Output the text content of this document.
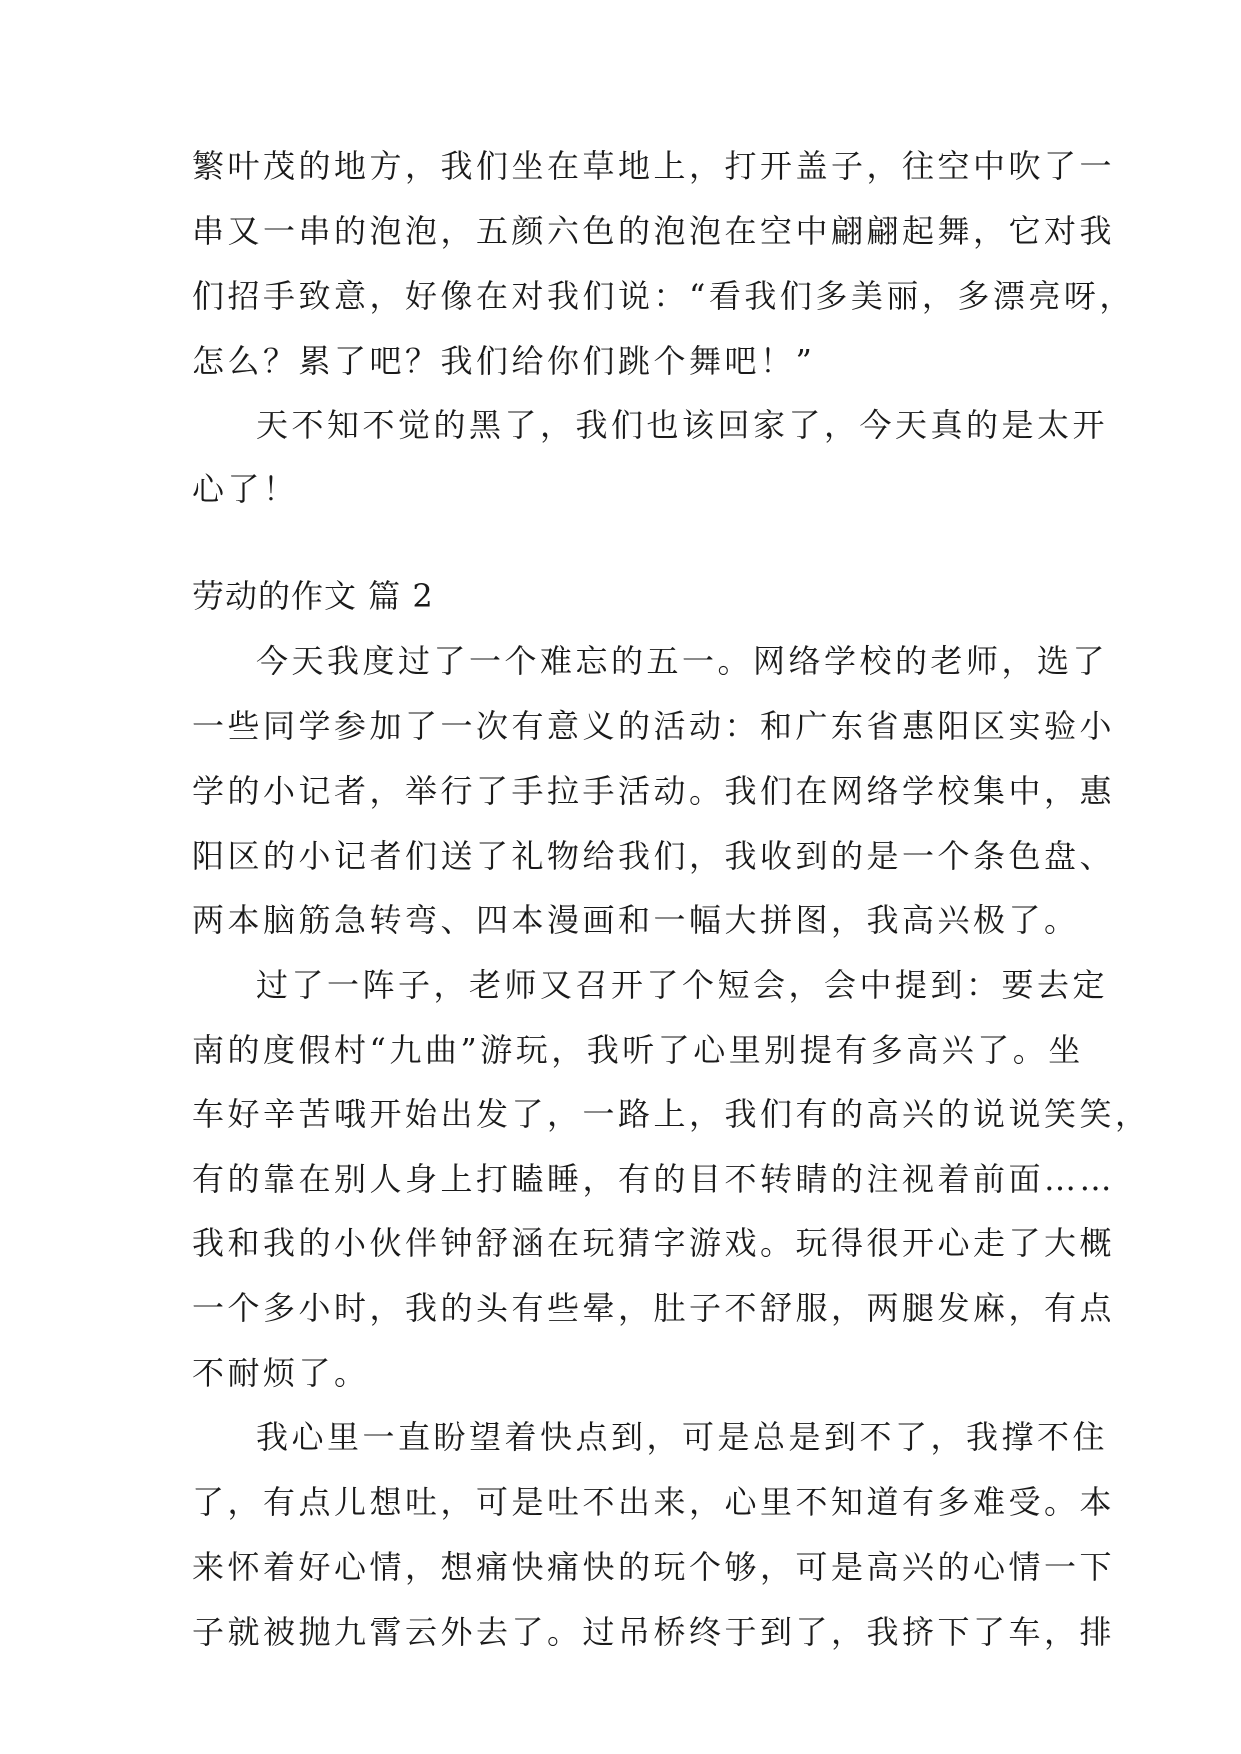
繁叶茂的地方，我们坐在草地上，打开盖子，往空中吹了一
串又一串的泡泡，五颜六色的泡泡在空中翩翩起舞，它对我
们招手致意，好像在对我们说：“看我们多美丽，多漂亮呀，
怎么？累了吧？我们给你们跳个舞吧！”
天不知不觉的黑了，我们也该回家了，今天真的是太开
心了！
劳动的作文 篇 2
今天我度过了一个难忘的五一。网络学校的老师，选了
一些同学参加了一次有意义的活动：和广东省惠阳区实验小
学的小记者，举行了手拉手活动。我们在网络学校集中，惠
阳区的小记者们送了礼物给我们，我收到的是一个条色盘、
两本脑筋急转弯、四本漫画和一幅大拼图，我高兴极了。
过了一阵子，老师又召开了个短会，会中提到：要去定
南的度假村“九曲”游玩，我听了心里别提有多高兴了。坐
车好辛苦哦开始出发了，一路上，我们有的高兴的说说笑笑，
有的靠在别人身上打瞌睡，有的目不转睛的注视着前面……
我和我的小伙伴钟舒涵在玩猜字游戏。玩得很开心走了大概
一个多小时，我的头有些晕，肚子不舒服，两腿发麻，有点
不耐烦了。
我心里一直盼望着快点到，可是总是到不了，我撑不住
了，有点儿想吐，可是吐不出来，心里不知道有多难受。本
来怀着好心情，想痛快痛快的玩个够，可是高兴的心情一下
子就被抛九霄云外去了。过吊桥终于到了，我挤下了车，排
